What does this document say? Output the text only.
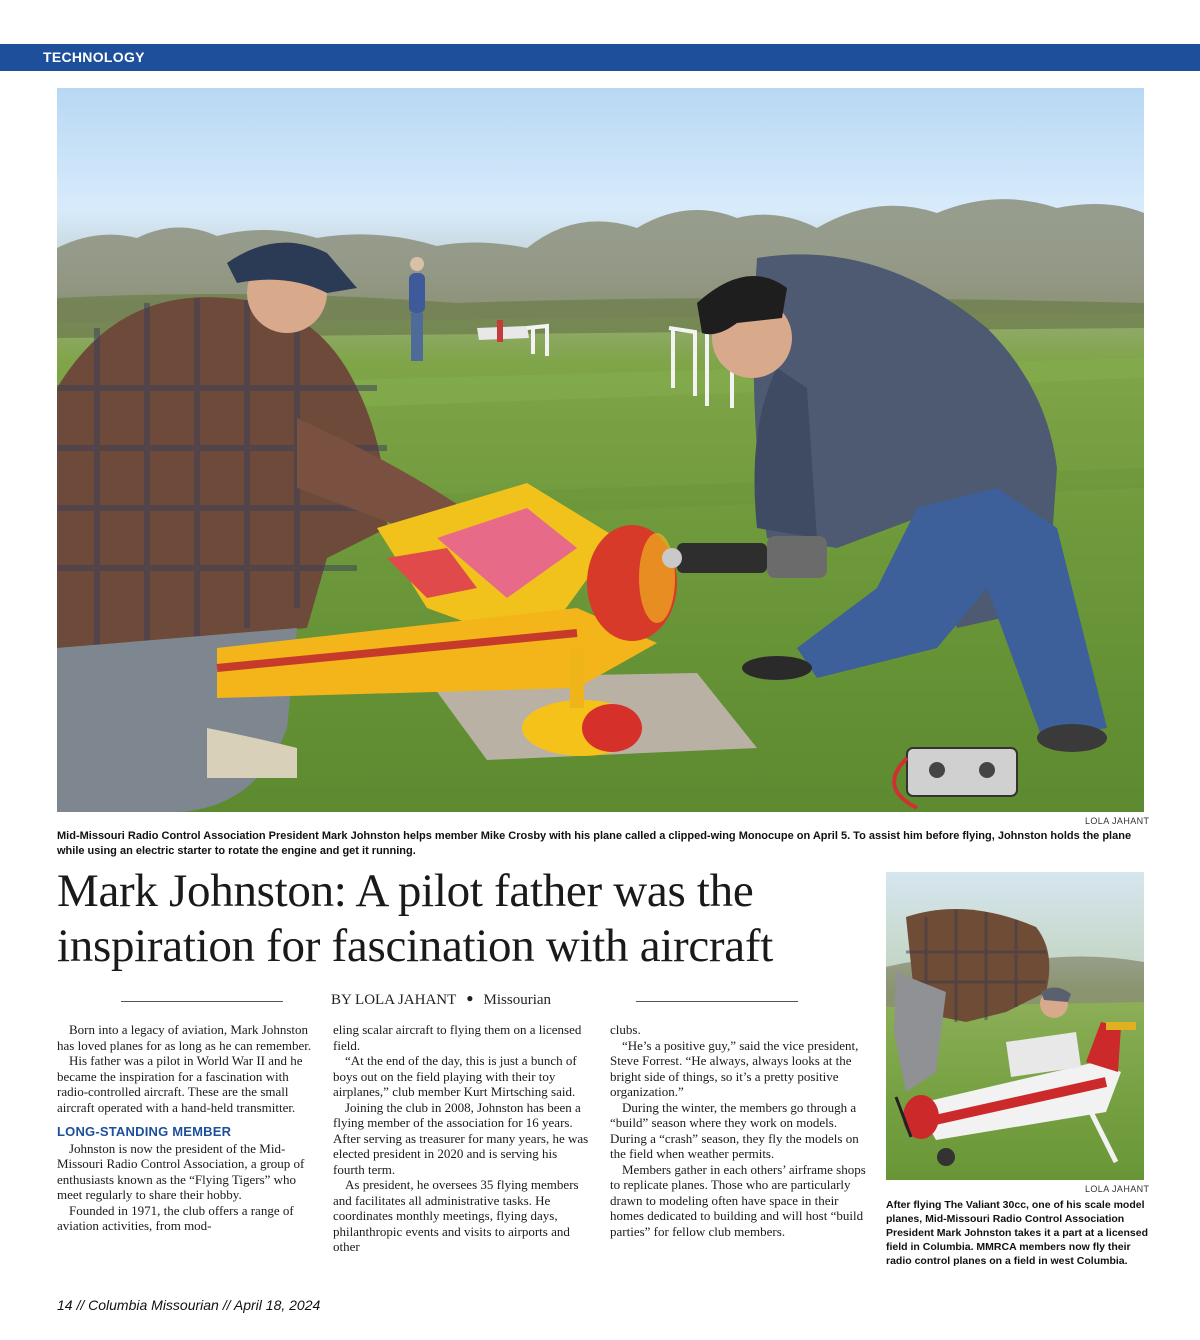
TECHNOLOGY
LOLA JAHANT
Mid-Missouri Radio Control Association President Mark Johnston helps member Mike Crosby with his plane called a clipped-wing Monocupe on April 5. To assist him before flying, Johnston holds the plane while using an electric starter to rotate the engine and get it running.
Mark Johnston: A pilot father was the inspiration for fascination with aircraft
BY LOLA JAHANT ● Missourian

Born into a legacy of aviation, Mark Johnston has loved planes for as long as he can remember.

His father was a pilot in World War II and he became the inspiration for a fascination with radio-controlled aircraft. These are the small aircraft operated with a hand-held transmitter.

LONG-STANDING MEMBER

Johnston is now the president of the Mid-Missouri Radio Control Association, a group of enthusiasts known as the “Flying Tigers” who meet regularly to share their hobby.

Founded in 1971, the club offers a range of aviation activities, from mod-

eling scalar aircraft to flying them on a licensed field.

“At the end of the day, this is just a bunch of boys out on the field playing with their toy airplanes,” club member Kurt Mirtsching said.

Joining the club in 2008, Johnston has been a flying member of the association for 16 years. After serving as treasurer for many years, he was elected president in 2020 and is serving his fourth term.

As president, he oversees 35 flying members and facilitates all administrative tasks. He coordinates monthly meetings, flying days, philanthropic events and visits to airports and other

clubs.

“He’s a positive guy,” said the vice president, Steve Forrest. “He always, always looks at the bright side of things, so it’s a pretty positive organization.”

During the winter, the members go through a “build” season where they work on models. During a “crash” season, they fly the models on the field when weather permits.

Members gather in each others’ airframe shops to replicate planes. Those who are particularly drawn to modeling often have space in their homes dedicated to building and will host “build parties” for fellow club members.

LOLA JAHANT
After flying The Valiant 30cc, one of his scale model planes, Mid-Missouri Radio Control Association President Mark Johnston takes it a part at a licensed field in Columbia. MMRCA members now fly their radio control planes on a field in west Columbia.
14 // Columbia Missourian // April 18, 2024
